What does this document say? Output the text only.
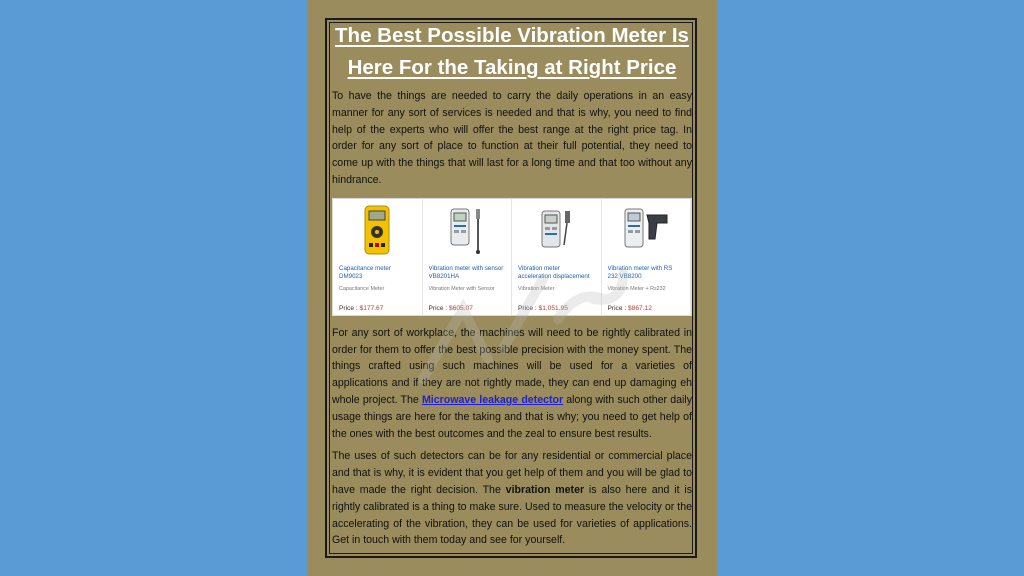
The Best Possible Vibration Meter Is
Here For the Taking at Right Price

To have the things are needed to carry the daily operations in an easy manner for any sort of services is needed and that is why, you need to find help of the experts who will offer the best range at the right price tag. In order for any sort of place to function at their full potential, they need to come up with the things that will last for a long time and that too without any hindrance.

Capacitance meter DM9023
Capacitance Meter
Price : $177.67
Vibration meter with sensor VB8201HA
Vibration Meter with Sensor
Price : $605.07
Vibration meter acceleration displacement
Vibration Meter
Price : $1,051.95
Vibration meter with RS 232 VB8200
Vibration Meter + Rs232
Price : $867.12

For any sort of workplace, the machines will need to be rightly calibrated in order for them to offer the best possible precision with the money spent. The things crafted using such machines will be used for a varieties of applications and if they are not rightly made, they can end up damaging eh whole project. The Microwave leakage detector along with such other daily usage things are here for the taking and that is why; you need to get help of the ones with the best outcomes and the zeal to ensure best results.

The uses of such detectors can be for any residential or commercial place and that is why, it is evident that you get help of them and you will be glad to have made the right decision. The vibration meter is also here and it is rightly calibrated is a thing to make sure. Used to measure the velocity or the accelerating of the vibration, they can be used for varieties of applications. Get in touch with them today and see for yourself.
